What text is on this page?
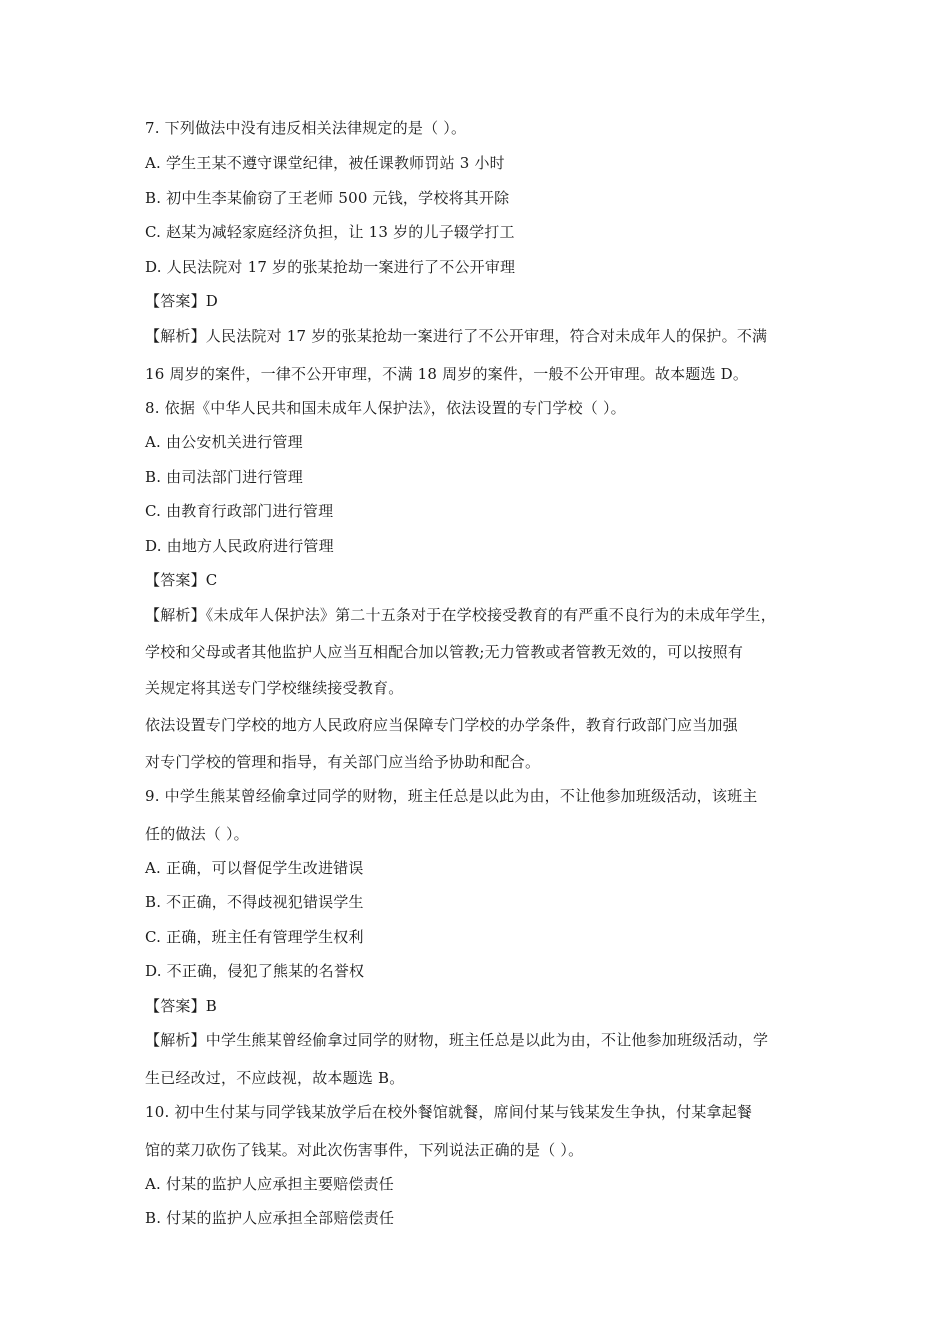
7. 下列做法中没有违反相关法律规定的是（ ）。
A. 学生王某不遵守课堂纪律，被任课教师罚站 3 小时
B. 初中生李某偷窃了王老师 500 元钱，学校将其开除
C. 赵某为减轻家庭经济负担，让 13 岁的儿子辍学打工
D. 人民法院对 17 岁的张某抢劫一案进行了不公开审理
【答案】D
【解析】人民法院对 17 岁的张某抢劫一案进行了不公开审理，符合对未成年人的保护。不满
16 周岁的案件，一律不公开审理，不满 18 周岁的案件，一般不公开审理。故本题选 D。
8. 依据《中华人民共和国未成年人保护法》，依法设置的专门学校（ ）。
A. 由公安机关进行管理
B. 由司法部门进行管理
C. 由教育行政部门进行管理
D. 由地方人民政府进行管理
【答案】C
【解析】《未成年人保护法》第二十五条对于在学校接受教育的有严重不良行为的未成年学生，
学校和父母或者其他监护人应当互相配合加以管教;无力管教或者管教无效的，可以按照有
关规定将其送专门学校继续接受教育。
依法设置专门学校的地方人民政府应当保障专门学校的办学条件，教育行政部门应当加强
对专门学校的管理和指导，有关部门应当给予协助和配合。
9. 中学生熊某曾经偷拿过同学的财物，班主任总是以此为由，不让他参加班级活动，该班主
任的做法（ ）。
A. 正确，可以督促学生改进错误
B. 不正确，不得歧视犯错误学生
C. 正确，班主任有管理学生权利
D. 不正确，侵犯了熊某的名誉权
【答案】B
【解析】中学生熊某曾经偷拿过同学的财物，班主任总是以此为由，不让他参加班级活动，学
生已经改过，不应歧视，故本题选 B。
10. 初中生付某与同学钱某放学后在校外餐馆就餐，席间付某与钱某发生争执，付某拿起餐
馆的菜刀砍伤了钱某。对此次伤害事件，下列说法正确的是（ ）。
A. 付某的监护人应承担主要赔偿责任
B. 付某的监护人应承担全部赔偿责任
